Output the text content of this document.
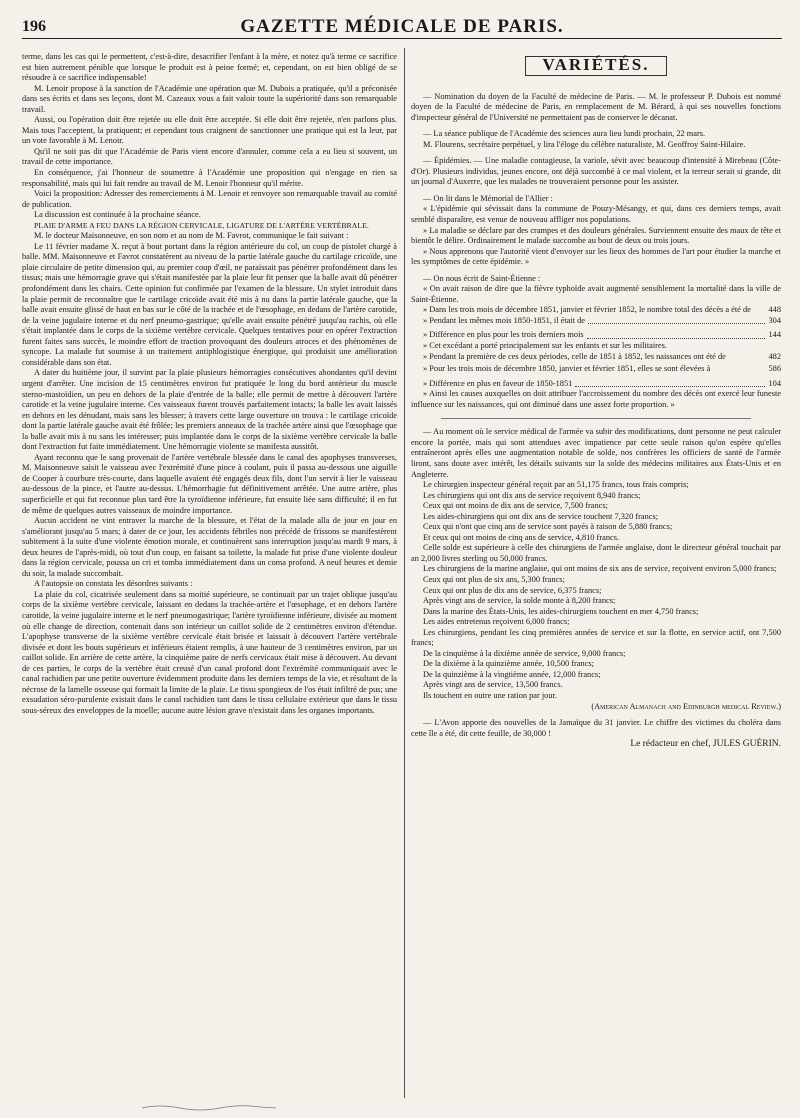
196	GAZETTE MÉDICALE DE PARIS.

terme, dans les cas qui le permettent, c'est-à-dire, desacrifier l'enfant à la mère, et notez qu'à terme ce sacrifice est bien autrement pénible que lorsque le produit est à peine formé; et, cependant, on est bien obligé de se résoudre à ce sacrifice indispensable!

M. Lenoir propose à la sanction de l'Académie une opération que M. Dubois a pratiquée, qu'il a préconisée dans ses écrits et dans ses leçons, dont M. Cazeaux vous a fait valoir toute la supériorité dans son remarquable travail.

Aussi, ou l'opération doit être rejetée ou elle doit être acceptée. Si elle doit être rejetée, n'en parlons plus. Mais tous l'acceptent, la pratiquent; et cependant tous craignent de sanctionner une pratique qui est la leur, par un vote favorable à M. Lenoir.

Qu'il ne soit pas dit que l'Académie de Paris vient encore d'annuler, comme cela a eu lieu si souvent, un travail de cette importance.

En conséquence, j'ai l'honneur de soumettre à l'Académie une proposition qui n'engage en rien sa responsabilité, mais qui lui fait rendre au travail de M. Lenoir l'honneur qu'il mérite.

Voici la proposition: Adresser des remerciements à M. Lenoir et renvoyer son remarquable travail au comité de publication.

La discussion est continuée à la prochaine séance.

PLAIE D'ARME A FEU DANS LA RÉGION CERVICALE, LIGATURE DE L'ARTÈRE VERTÉBRALE.

M. le docteur Maisonneuve, en son nom et au nom de M. Favrot, communique le fait suivant :

Le 11 février madame X. reçut à bout portant dans la région antérieure du col, un coup de pistolet chargé à balle. MM. Maisonneuve et Favrot constatèrent au niveau de la partie latérale gauche du cartilage cricoïde, une plaie circulaire de petite dimension qui, au premier coup d'œil, ne paraissait pas pénétrer profondément dans les tissus; mais une hémorragie grave qui s'était manifestée par la plaie leur fit penser que la balle avait dû pénétrer profondément dans les chairs. Cette opinion fut confirmée par l'examen de la blessure. Un stylet introduit dans la plaie permit de reconnaître que le cartilage cricoïde avait été mis à nu dans la partie latérale gauche, que la balle avait ensuite glissé de haut en bas sur le côté de la trachée et de l'œsophage, en dedans de l'artère carotide, de la veine jugulaire interne et du nerf pneumo-gastrique; qu'elle avait ensuite pénétré jusqu'au rachis, où elle s'était implantée dans le corps de la sixième vertèbre cervicale. Quelques tentatives pour en opérer l'extraction furent faites sans succès, le moindre effort de traction provoquant des douleurs atroces et des phénomènes de syncope. La malade fut soumise à un traitement antiphlogistique énergique, qui produisit une amélioration considérable dans son état.

A dater du huitième jour, il survint par la plaie plusieurs hémorragies consécutives abondantes qu'il devint urgent d'arrêter. Une incision de 15 centimètres environ fut pratiquée le long du bord antérieur du muscle sterno-mastoïdien, un peu en dehors de la plaie d'entrée de la balle; elle permit de mettre à découvert l'artère carotide et la veine jugulaire interne. Ces vaisseaux furent trouvés parfaitement intacts; la balle les avait laissés en dehors en les dénudant, mais sans les blesser; à travers cette large ouverture on trouva : le cartilage cricoïde dont la partie latérale gauche avait été frôlée; les premiers anneaux de la trachée artère ainsi que l'œsophage que la balle avait mis à nu sans les intéresser; puis implantée dans le corps de la sixième vertèbre cervicale la balle dont l'extraction fut faite immédiatement. Une hémorragie violente se manifesta aussitôt.

Ayant reconnu que le sang provenait de l'artère vertébrale blessée dans le canal des apophyses transverses, M. Maisonneuve saisit le vaisseau avec l'extrémité d'une pince à coulant, puis il passa au-dessous une aiguille de Cooper à courbure très-courte, dans laquelle avaient été engagés deux fils, dont l'un servit à lier le vaisseau au-dessous de la pince, et l'autre au-dessus. L'hémorrhagie fut définitivement arrêtée. Une autre artère, plus superficielle et qui fut reconnue plus tard être la tyroïdienne inférieure, fut ensuite liée sans difficulté; il en fut de même de quelques autres vaisseaux de moindre importance.

Aucun accident ne vint entraver la marche de la blessure, et l'état de la malade alla de jour en jour en s'améliorant jusqu'au 5 mars; à dater de ce jour, les accidents fébriles non précédé de frissons se manifestèrent subitement à la suite d'une violente émotion morale, et continuèrent sans interruption jusqu'au mardi 9 mars, à deux heures de l'après-midi, où tout d'un coup, en faisant sa toilette, la malade fut prise d'une violente douleur dans la région cervicale, poussa un cri et tomba immédiatement dans un coma profond. A neuf heures et demie du soir, la malade succombait.

A l'autopsie on constata les désordres suivants :

La plaie du col, cicatrisée seulement dans sa moitié supérieure, se continuait par un trajet oblique jusqu'au corps de la sixième vertèbre cervicale, laissant en dedans la trachée-artère et l'œsophage, et en dehors l'artère carotide, la veine jugulaire interne et le nerf pneumogastrique; l'artère tyroïdienne inférieure, divisée au moment où elle change de direction, contenait dans son intérieur un caillot solide de 2 centimètres environ d'étendue. L'apophyse transverse de la sixième vertèbre cervicale était brisée et laissait à découvert l'artère vertébrale divisée et dont les bouts supérieurs et inférieurs étaient remplis, à une hauteur de 3 centimètres environ, par un caillot solide. En arrière de cette artère, la cinquième paire de nerfs cervicaux était mise à découvert. Au devant de ces parties, le corps de la vertèbre était creusé d'un canal profond dont l'extrémité communiquait avec le canal rachidien par une petite ouverture évidemment produite dans les derniers temps de la vie, et résultant de la nécrose de la lamelle osseuse qui formait la limite de la plaie. Le tissu spongieux de l'os était infiltré de pus; une exsudation séro-purulente existait dans le canal rachidien tant dans le tissu cellulaire extérieur que dans le tissu sous-séreux des enveloppes de la moelle; aucune autre lésion grave n'existait dans les organes importants.

VARIÉTÉS.

— Nomination du doyen de la Faculté de médecine de Paris. — M. le professeur P. Dubois est nommé doyen de la Faculté de médecine de Paris, en remplacement de M. Bérard, à qui ses nouvelles fonctions d'inspecteur général de l'Université ne permettaient pas de conserver le décanat.

— La séance publique de l'Académie des sciences aura lieu lundi prochain, 22 mars.

M. Flourens, secrétaire perpétuel, y lira l'éloge du célèbre naturaliste, M. Geoffroy Saint-Hilaire.

— Épidémies. — Une maladie contagieuse, la variole, sévit avec beaucoup d'intensité à Mirebeau (Côte-d'Or). Plusieurs individus, jeunes encore, ont déjà succombé à ce mal violent, et la terreur serait si grande, dit un journal d'Auxerre, que les malades ne trouveraient personne pour les assister.

— On lit dans le Mémorial de l'Allier :

« L'épidémie qui sévissait dans la commune de Pouzy-Mésangy, et qui, dans ces derniers temps, avait semblé disparaître, est venue de nouveau affliger nos populations.

» La maladie se déclare par des crampes et des douleurs générales. Surviennent ensuite des maux de tête et bientôt le délire. Ordinairement le malade succombe au bout de deux ou trois jours.

» Nous apprenons que l'autorité vient d'envoyer sur les lieux des hommes de l'art pour étudier la marche et les symptômes de cette épidémie. »

— On nous écrit de Saint-Étienne :

« On avait raison de dire que la fièvre typhoïde avait augmenté sensiblement la mortalité dans la ville de Saint-Étienne.

» Dans les trois mois de décembre 1851, janvier et février 1852, le nombre total des décès a été de	448
» Pendant les mêmes mois 1850-1851, il était de	304
» Différence en plus pour les trois derniers mois	144

» Cet excédant a porté principalement sur les enfants et sur les militaires.

» Pendant la première de ces deux périodes, celle de 1851 à 1852, les naissances ont été de	482
» Pour les trois mois de décembre 1850, janvier et février 1851, elles se sont élevées à	586
» Différence en plus en faveur de 1850-1851	104

» Ainsi les causes auxquelles on doit attribuer l'accroissement du nombre des décès ont exercé leur funeste influence sur les naissances, qui ont diminué dans une assez forte proportion. »

— Au moment où le service médical de l'armée va subir des modifications, dont personne ne peut calculer encore la portée, mais qui sont attendues avec impatience par cette seule raison qu'on espère qu'elles entraîneront après elles une augmentation notable de solde, nos confrères les officiers de santé de l'armée liront, sans doute avec intérêt, les détails suivants sur la solde des médecins militaires aux États-Unis et en Angleterre.

Le chirurgien inspecteur général reçoit par an 51,175 francs, tous frais compris;

Les chirurgiens qui ont dix ans de service reçoivent 8,940 francs;

Ceux qui ont moins de dix ans de service, 7,500 francs;

Les aides-chirurgiens qui ont dix ans de service touchent 7,320 francs;

Ceux qui n'ont que cinq ans de service sont payés à raison de 5,880 francs;

Et ceux qui ont moins de cinq ans de service, 4,810 francs.

Celle solde est supérieure à celle des chirurgiens de l'armée anglaise, dont le directeur général touchait par an 2,000 livres sterling ou 50,000 francs.

Les chirurgiens de la marine anglaise, qui ont moins de six ans de service, reçoivent environ 5,000 francs;

Ceux qui ont plus de six ans, 5,300 francs;

Ceux qui ont plus de dix ans de service, 6,375 francs;

Après vingt ans de service, la solde monte à 8,200 francs;

Dans la marine des États-Unis, les aides-chirurgiens touchent en mer 4,750 francs;

Les aides entretenus reçoivent 6,000 francs;

Les chirurgiens, pendant les cinq premières années de service et sur la flotte, en service actif, ont 7,500 francs;

De la cinquième à la dixième année de service, 9,000 francs;

De la dixième à la quinzième année, 10,500 francs;

De la quinzième à la vingtième année, 12,000 francs;

Après vingt ans de service, 13,500 francs.

Ils touchent en outre une ration par jour.

(American Almanach and Edinburgh medical Review.)

— L'Avon apporte des nouvelles de la Jamaïque du 31 janvier. Le chiffre des victimes du choléra dans cette île a été, dit cette feuille, de 30,000 !

Le rédacteur en chef, JULES GUÉRIN.
